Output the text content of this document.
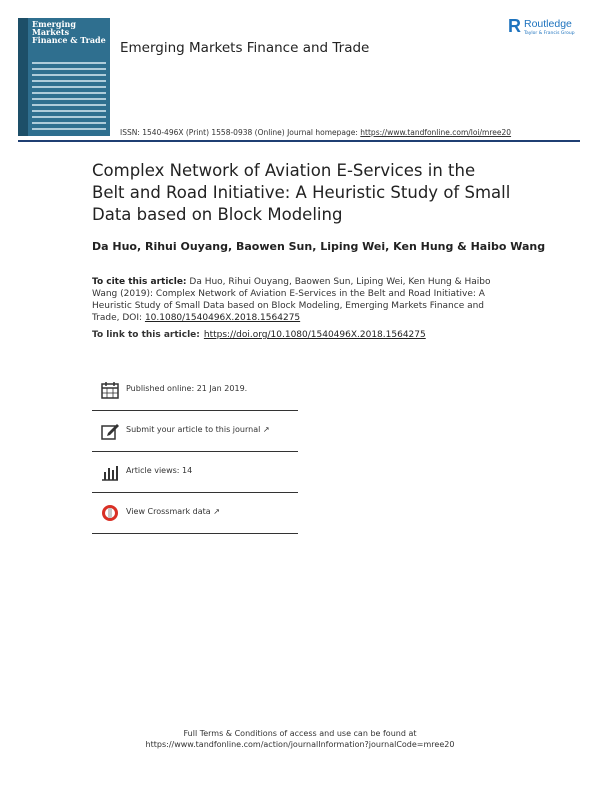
Emerging Markets
Finance & Trade Emerging Markets Finance and Trade
R Routledge
Taylor & Francis Group
ISSN: 1540-496X (Print) 1558-0938 (Online) Journal homepage: https://www.tandfonline.com/loi/mree20
Complex Network of Aviation E-Services in the Belt and Road Initiative: A Heuristic Study of Small Data based on Block Modeling
Da Huo, Rihui Ouyang, Baowen Sun, Liping Wei, Ken Hung & Haibo Wang
To cite this article: Da Huo, Rihui Ouyang, Baowen Sun, Liping Wei, Ken Hung & Haibo Wang (2019): Complex Network of Aviation E-Services in the Belt and Road Initiative: A Heuristic Study of Small Data based on Block Modeling, Emerging Markets Finance and Trade, DOI: 10.1080/1540496X.2018.1564275
To link to this article: https://doi.org/10.1080/1540496X.2018.1564275
Published online: 21 Jan 2019.
Submit your article to this journal ↗
Article views: 14
View Crossmark data ↗
Full Terms & Conditions of access and use can be found at
https://www.tandfonline.com/action/journalInformation?journalCode=mree20
